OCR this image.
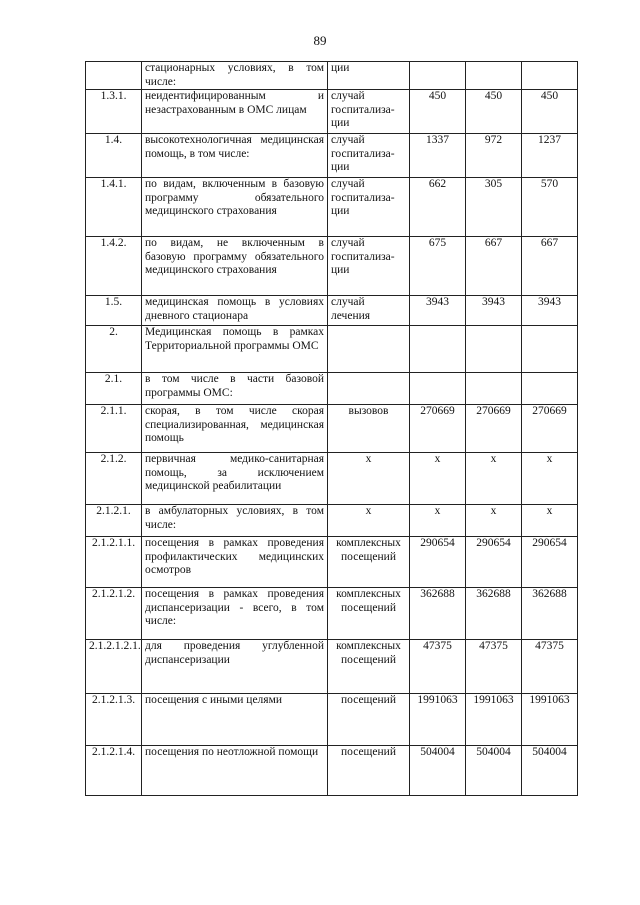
89
	стационарных условиях, в том числе:	ции			
1.3.1.	неидентифицированным и незастрахованным в ОМС лицам	случай госпитализа-ции	450	450	450
1.4.	высокотехнологичная медицинская помощь, в том числе:	случай госпитализа-ции	1337	972	1237
1.4.1.	по видам, включенным в базовую программу обязательного медицинского страхования	случай госпитализа-ции	662	305	570
1.4.2.	по видам, не включенным в базовую программу обязательного медицинского страхования	случай госпитализа-ции	675	667	667
1.5.	медицинская помощь в условиях дневного стационара	случай лечения	3943	3943	3943
2.	Медицинская помощь в рамках Территориальной программы ОМС				
2.1.	в том числе в части базовой программы ОМС:				
2.1.1.	скорая, в том числе скорая специализированная, медицинская помощь	вызовов	270669	270669	270669
2.1.2.	первичная медико-санитарная помощь, за исключением медицинской реабилитации	х	х	х	х
2.1.2.1.	в амбулаторных условиях, в том числе:	х	х	х	х
2.1.2.1.1.	посещения в рамках проведения профилактических медицинских осмотров	комплексных посещений	290654	290654	290654
2.1.2.1.2.	посещения в рамках проведения диспансеризации - всего, в том числе:	комплексных посещений	362688	362688	362688
2.1.2.1.2.1.	для проведения углубленной диспансеризации	комплексных посещений	47375	47375	47375
2.1.2.1.3.	посещения с иными целями	посещений	1991063	1991063	1991063
2.1.2.1.4.	посещения по неотложной помощи	посещений	504004	504004	504004
